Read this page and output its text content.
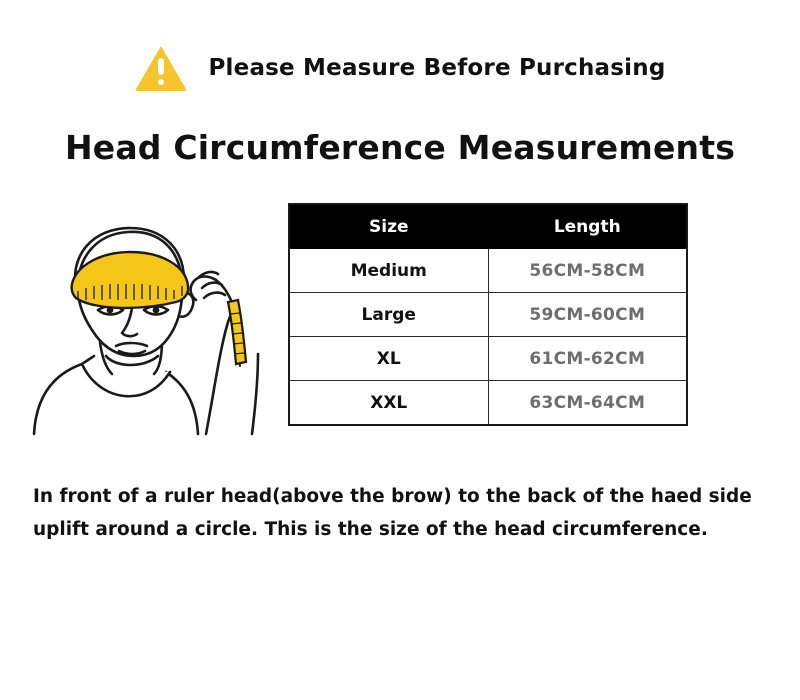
Please Measure Before Purchasing
Head Circumference Measurements
Size	Length
Medium	56CM-58CM
Large	59CM-60CM
XL	61CM-62CM
XXL	63CM-64CM
In front of a ruler head(above the brow) to the back of the haed side
uplift around a circle. This is the size of the head circumference.
